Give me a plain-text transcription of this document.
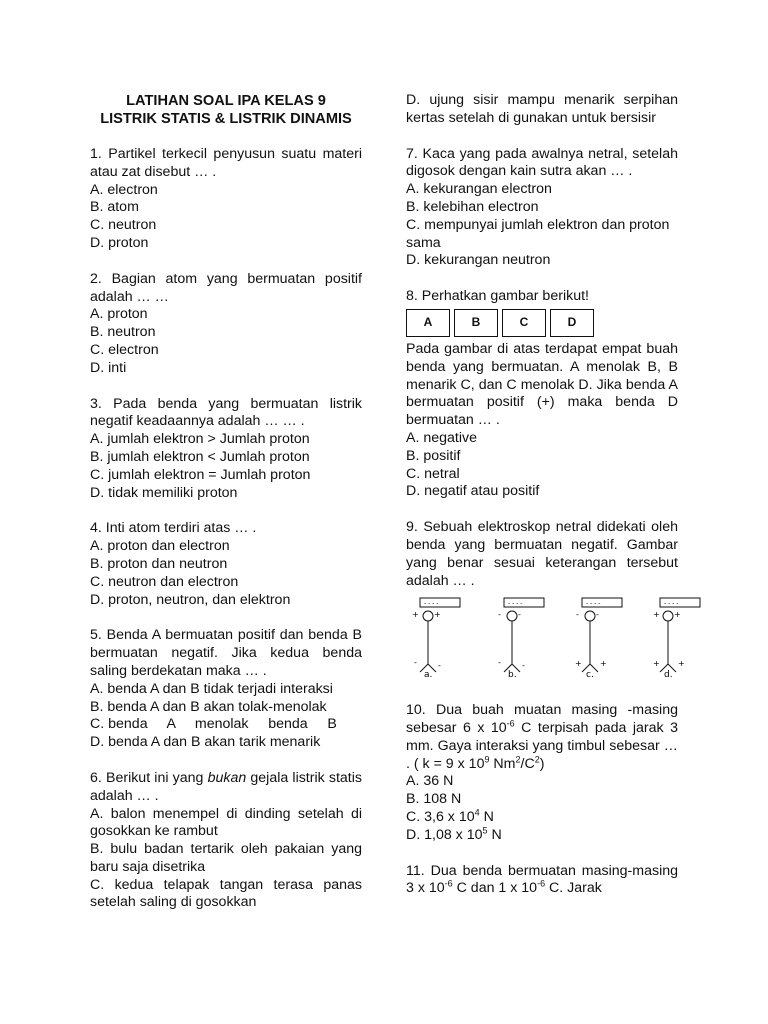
LATIHAN SOAL IPA KELAS 9
LISTRIK STATIS & LISTRIK DINAMIS
1. Partikel terkecil penyusun suatu materi atau zat disebut … .
A. electron
B. atom
C. neutron
D. proton
2. Bagian atom yang bermuatan positif adalah … …
A. proton
B. neutron
C. electron
D. inti
3. Pada benda yang bermuatan listrik negatif keadaannya adalah … … .
A. jumlah elektron > Jumlah proton
B. jumlah elektron < Jumlah proton
C. jumlah elektron = Jumlah proton
D. tidak memiliki proton
4. Inti atom terdiri atas … .
A. proton dan electron
B. proton dan neutron
C. neutron dan electron
D. proton, neutron, dan elektron
5. Benda A bermuatan positif dan benda B bermuatan negatif. Jika kedua benda saling berdekatan maka … .
A. benda A dan B tidak terjadi interaksi
B. benda A dan B akan tolak-menolak
C. benda     A     menolak     benda     B
D. benda A dan B akan tarik menarik
6. Berikut ini yang bukan gejala listrik statis adalah … .
A. balon menempel di dinding setelah di gosokkan ke rambut
B. bulu badan tertarik oleh pakaian yang baru saja disetrika
C. kedua telapak tangan terasa panas setelah saling di gosokkan
D. ujung sisir mampu menarik serpihan kertas setelah di gunakan untuk bersisir
7. Kaca yang pada awalnya netral, setelah digosok dengan kain sutra akan … .
A. kekurangan electron
B. kelebihan electron
C. mempunyai jumlah elektron dan proton sama
D. kekurangan neutron
8. Perhatkan gambar berikut!
A	B	C	D
Pada gambar di atas terdapat empat buah benda yang bermuatan. A menolak B, B menarik C, dan C menolak D. Jika benda A bermuatan positif (+) maka benda D bermuatan … .
A. negative
B. positif
C. netral
D. negatif atau positif
9. Sebuah elektroskop netral didekati oleh benda yang bermuatan negatif. Gambar yang benar sesuai keterangan tersebut adalah … .
- - - -
+ +
-	-
a.
- - - -
- -
-	-
b.
- - - -
- -
+ +
c.
- - - -
+ +
+ +
d.
10. Dua buah muatan masing -masing sebesar 6 x $10^{-6}$ C terpisah pada jarak 3 mm. Gaya interaksi yang timbul sebesar … . ( k = 9 x $10^9$ $Nm^2/C^2$)
A. 36 N
B. 108 N
C. 3,6 x $10^4$ N
D. 1,08 x $10^5$ N
11. Dua benda bermuatan masing-masing 3 x $10^{-6}$ C dan 1 x $10^{-6}$ C. Jarak
